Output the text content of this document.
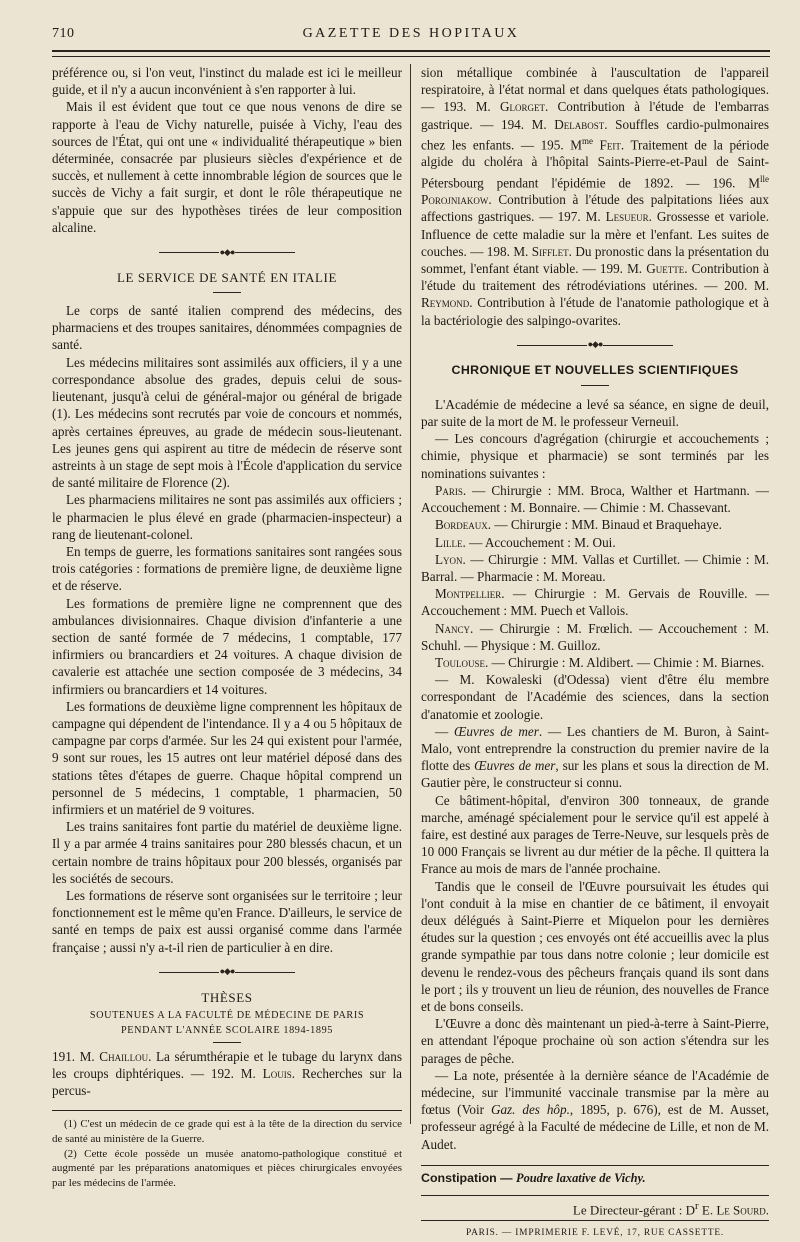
710	GAZETTE DES HOPITAUX

préférence ou, si l'on veut, l'instinct du malade est ici le meilleur guide, et il n'y a aucun inconvénient à s'en rapporter à lui.

Mais il est évident que tout ce que nous venons de dire se rapporte à l'eau de Vichy naturelle, puisée à Vichy, l'eau des sources de l'État, qui ont une « individualité thérapeutique » bien déterminée, consacrée par plusieurs siècles d'expérience et de succès, et nullement à cette innombrable légion de sources que le succès de Vichy a fait surgir, et dont le rôle thérapeutique ne s'appuie que sur des hypothèses tirées de leur composition alcaline.

●◆●
LE SERVICE DE SANTÉ EN ITALIE

Le corps de santé italien comprend des médecins, des pharmaciens et des troupes sanitaires, dénommées compagnies de santé.

Les médecins militaires sont assimilés aux officiers, il y a une correspondance absolue des grades, depuis celui de sous-lieutenant, jusqu'à celui de général-major ou général de brigade (1). Les médecins sont recrutés par voie de concours et nommés, après certaines épreuves, au grade de médecin sous-lieutenant. Les jeunes gens qui aspirent au titre de médecin de réserve sont astreints à un stage de sept mois à l'École d'application du service de santé militaire de Florence (2).

Les pharmaciens militaires ne sont pas assimilés aux officiers ; le pharmacien le plus élevé en grade (pharmacien-inspecteur) a rang de lieutenant-colonel.

En temps de guerre, les formations sanitaires sont rangées sous trois catégories : formations de première ligne, de deuxième ligne et de réserve.

Les formations de première ligne ne comprennent que des ambulances divisionnaires. Chaque division d'infanterie a une section de santé formée de 7 médecins, 1 comptable, 177 infirmiers ou brancardiers et 24 voitures. A chaque division de cavalerie est attachée une section composée de 3 médecins, 34 infirmiers ou brancardiers et 14 voitures.

Les formations de deuxième ligne comprennent les hôpitaux de campagne qui dépendent de l'intendance. Il y a 4 ou 5 hôpitaux de campagne par corps d'armée. Sur les 24 qui existent pour l'armée, 9 sont sur roues, les 15 autres ont leur matériel déposé dans des stations têtes d'étapes de guerre. Chaque hôpital comprend un personnel de 5 médecins, 1 comptable, 1 pharmacien, 50 infirmiers et un matériel de 9 voitures.

Les trains sanitaires font partie du matériel de deuxième ligne. Il y a par armée 4 trains sanitaires pour 280 blessés chacun, et un certain nombre de trains hôpitaux pour 200 blessés, organisés par les sociétés de secours.

Les formations de réserve sont organisées sur le territoire ; leur fonctionnement est le même qu'en France. D'ailleurs, le service de santé en temps de paix est aussi organisé comme dans l'armée française ; aussi n'y a-t-il rien de particulier à en dire.

●◆●
THÈSES
SOUTENUES A LA FACULTÉ DE MÉDECINE DE PARIS
PENDANT L'ANNÉE SCOLAIRE 1894-1895

191. M. Chaillou. La sérumthérapie et le tubage du larynx dans les croups diphtériques. — 192. M. Louis. Recherches sur la percus-

(1) C'est un médecin de ce grade qui est à la tête de la direction du service de santé au ministère de la Guerre.

(2) Cette école possède un musée anatomo-pathologique constitué et augmenté par les préparations anatomiques et pièces chirurgicales envoyées par les médecins de l'armée.

sion métallique combinée à l'auscultation de l'appareil respiratoire, à l'état normal et dans quelques états pathologiques. — 193. M. Glorget. Contribution à l'étude de l'embarras gastrique. — 194. M. Delabost. Souffles cardio-pulmonaires chez les enfants. — 195. $M^{me}$ Feit. Traitement de la période algide du choléra à l'hôpital Saints-Pierre-et-Paul de Saint-Pétersbourg pendant l'épidémie de 1892. — 196. $M^{lle}$ Porojniakow. Contribution à l'étude des palpitations liées aux affections gastriques. — 197. M. Lesueur. Grossesse et variole. Influence de cette maladie sur la mère et l'enfant. Les suites de couches. — 198. M. Sifflet. Du pronostic dans la présentation du sommet, l'enfant étant viable. — 199. M. Guette. Contribution à l'étude du traitement des rétrodéviations utérines. — 200. M. Reymond. Contribution à l'étude de l'anatomie pathologique et à la bactériologie des salpingo-ovarites.

●◆●
CHRONIQUE ET NOUVELLES SCIENTIFIQUES

L'Académie de médecine a levé sa séance, en signe de deuil, par suite de la mort de M. le professeur Verneuil.

— Les concours d'agrégation (chirurgie et accouchements ; chimie, physique et pharmacie) se sont terminés par les nominations suivantes :

Paris. — Chirurgie : MM. Broca, Walther et Hartmann. — Accouchement : M. Bonnaire. — Chimie : M. Chassevant.

Bordeaux. — Chirurgie : MM. Binaud et Braquehaye.

Lille. — Accouchement : M. Oui.

Lyon. — Chirurgie : MM. Vallas et Curtillet. — Chimie : M. Barral. — Pharmacie : M. Moreau.

Montpellier. — Chirurgie : M. Gervais de Rouville. — Accouchement : MM. Puech et Vallois.

Nancy. — Chirurgie : M. Frœlich. — Accouchement : M. Schuhl. — Physique : M. Guilloz.

Toulouse. — Chirurgie : M. Aldibert. — Chimie : M. Biarnes.

— M. Kowaleski (d'Odessa) vient d'être élu membre correspondant de l'Académie des sciences, dans la section d'anatomie et zoologie.

— Œuvres de mer. — Les chantiers de M. Buron, à Saint-Malo, vont entreprendre la construction du premier navire de la flotte des Œuvres de mer, sur les plans et sous la direction de M. Gautier père, le constructeur si connu.

Ce bâtiment-hôpital, d'environ 300 tonneaux, de grande marche, aménagé spécialement pour le service qu'il est appelé à faire, est destiné aux parages de Terre-Neuve, sur lesquels près de 10 000 Français se livrent au dur métier de la pêche. Il quittera la France au mois de mars de l'année prochaine.

Tandis que le conseil de l'Œuvre poursuivait les études qui l'ont conduit à la mise en chantier de ce bâtiment, il envoyait deux délégués à Saint-Pierre et Miquelon pour les dernières études sur la question ; ces envoyés ont été accueillis avec la plus grande sympathie par tous dans notre colonie ; leur domicile est devenu le rendez-vous des pêcheurs français quand ils sont dans le port ; ils y trouvent un lieu de réunion, des nouvelles de France et de bons conseils.

L'Œuvre a donc dès maintenant un pied-à-terre à Saint-Pierre, en attendant l'époque prochaine où son action s'étendra sur les parages de pêche.

— La note, présentée à la dernière séance de l'Académie de médecine, sur l'immunité vaccinale transmise par la mère au fœtus (Voir Gaz. des hôp., 1895, p. 676), est de M. Ausset, professeur agrégé à la Faculté de médecine de Lille, et non de M. Audet.

Constipation — Poudre laxative de Vichy.

Le Directeur-gérant : $D^r$ E. Le Sourd.

PARIS. — IMPRIMERIE F. LEVÉ, 17, RUE CASSETTE.
